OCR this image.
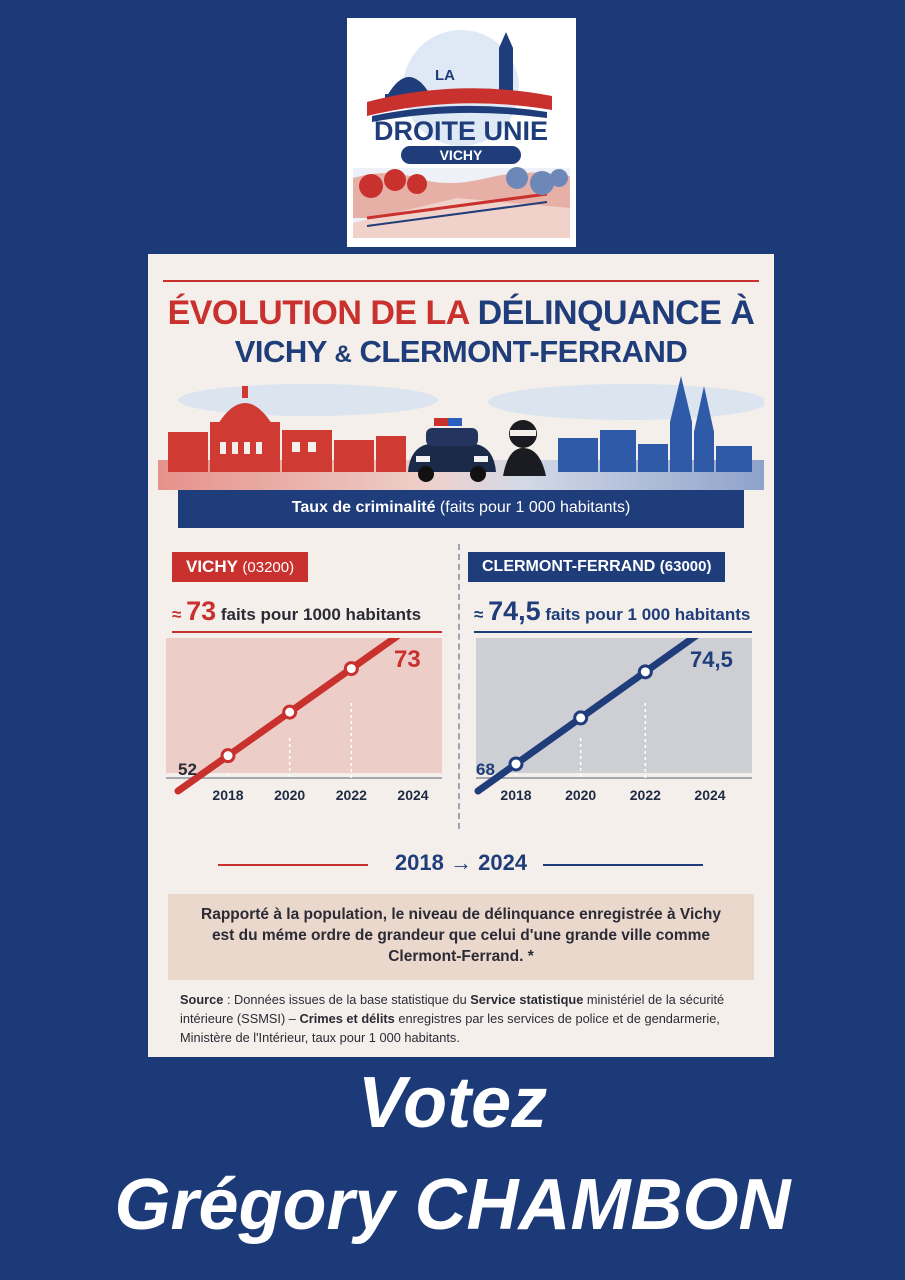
LA
DROITE UNIE
VICHY
ÉVOLUTION DE LA DÉLINQUANCE À
VICHY & CLERMONT-FERRAND
Taux de criminalité (faits pour 1 000 habitants)
VICHY (03200)
≈ 73 faits pour 1000 habitants
2018 2020 2022 2024
52
73
CLERMONT-FERRAND (63000)
≈ 74,5 faits pour 1 000 habitants
2018 2020 2022 2024
68
74,5
2018 → 2024
Rapporté à la population, le niveau de délinquance enregistrée à Vichy est du méme ordre de grandeur que celui d'une grande ville comme Clermont-Ferrand. *
Source : Données issues de la base statistique du Service statistique ministériel de la sécurité intérieure (SSMSI) – Crimes et délits enregistres par les services de police et de gendarmerie, Ministère de l'Intérieur, taux pour 1 000 habitants.
Votez
Grégory CHAMBON
